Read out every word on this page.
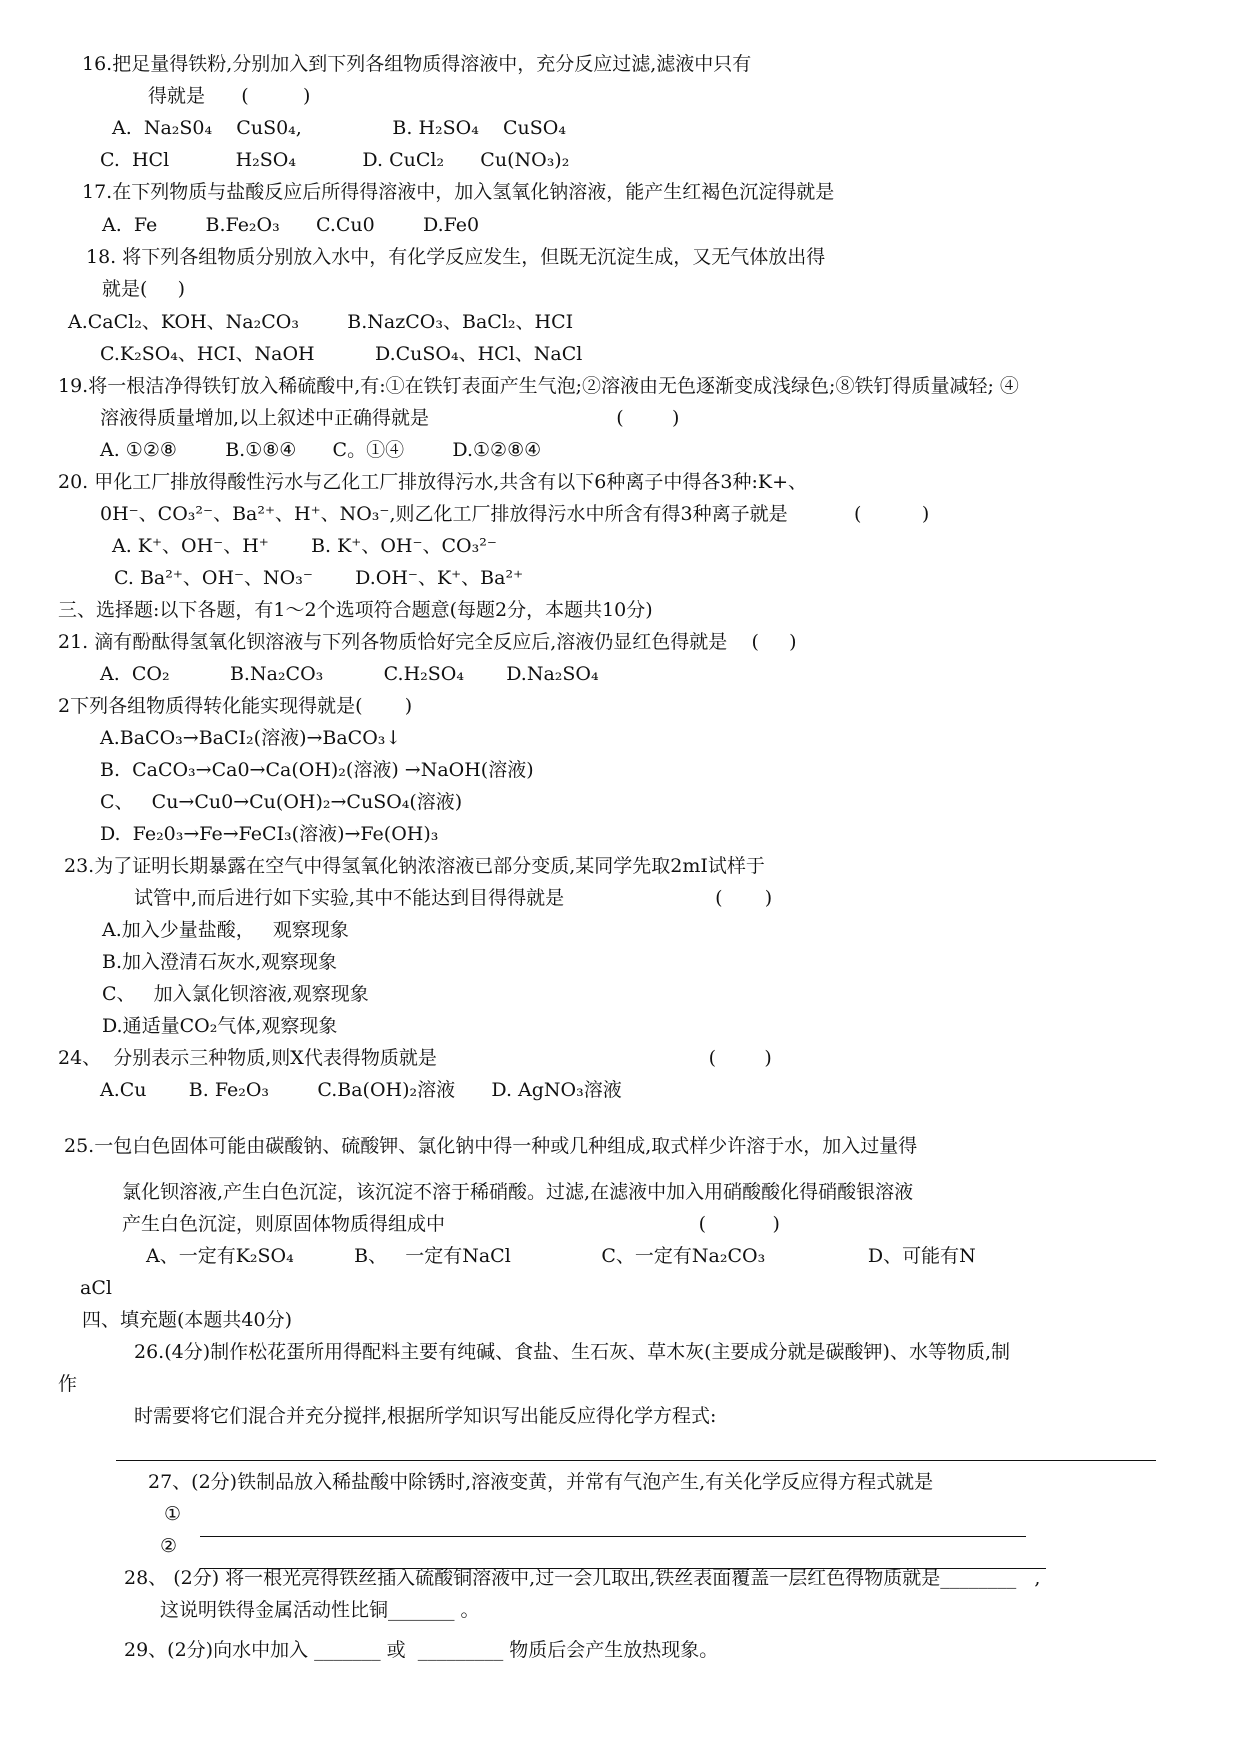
16.把足量得铁粉,分别加入到下列各组物质得溶液中，充分反应过滤,滤液中只有
得就是      (         )
A.  Na₂S0₄    CuS0₄,               B. H₂SO₄    CuSO₄
C.  HCl           H₂SO₄           D. CuCl₂      Cu(NO₃)₂
17.在下列物质与盐酸反应后所得得溶液中，加入氢氧化钠溶液，能产生红褐色沉淀得就是
A.  Fe        B.Fe₂O₃      C.Cu0        D.Fe0
18. 将下列各组物质分别放入水中，有化学反应发生，但既无沉淀生成，又无气体放出得
就是(     )
A.CaCl₂、KOH、Na₂CO₃        B.NazCO₃、BaCl₂、HCI
C.K₂SO₄、HCI、NaOH          D.CuSO₄、HCl、NaCl
19.将一根洁净得铁钉放入稀硫酸中,有:①在铁钉表面产生气泡;②溶液由无色逐渐变成浅绿色;⑧铁钉得质量减轻; ④
溶液得质量增加,以上叙述中正确得就是                               (        )
A. ①②⑧        B.①⑧④      C。①④        D.①②⑧④
20. 甲化工厂排放得酸性污水与乙化工厂排放得污水,共含有以下6种离子中得各3种:K+、
0H⁻、CO₃²⁻、Ba²⁺、H⁺、NO₃⁻,则乙化工厂排放得污水中所含有得3种离子就是           (          )
A. K⁺、OH⁻、H⁺       B. K⁺、OH⁻、CO₃²⁻
C. Ba²⁺、OH⁻、NO₃⁻       D.OH⁻、K⁺、Ba²⁺
三、选择题:以下各题，有1～2个选项符合题意(每题2分，本题共10分)
21. 滴有酚酞得氢氧化钡溶液与下列各物质恰好完全反应后,溶液仍显红色得就是    (     )
A.  CO₂          B.Na₂CO₃          C.H₂SO₄       D.Na₂SO₄
2下列各组物质得转化能实现得就是(       )
A.BaCO₃→BaCI₂(溶液)→BaCO₃↓
B.  CaCO₃→Ca0→Ca(OH)₂(溶液) →NaOH(溶液)
C、   Cu→Cu0→Cu(OH)₂→CuSO₄(溶液)
D.  Fe₂0₃→Fe→FeCI₃(溶液)→Fe(OH)₃
23.为了证明长期暴露在空气中得氢氧化钠浓溶液已部分变质,某同学先取2mI试样于
试管中,而后进行如下实验,其中不能达到目得得就是                         (       )
A.加入少量盐酸，   观察现象
B.加入澄清石灰水,观察现象
C、   加入氯化钡溶液,观察现象
D.通适量CO₂气体,观察现象
24、  分别表示三种物质,则X代表得物质就是                                             (        )
A.Cu       B. Fe₂O₃        C.Ba(OH)₂溶液      D. AgNO₃溶液
25.一包白色固体可能由碳酸钠、硫酸钾、氯化钠中得一种或几种组成,取式样少许溶于水，加入过量得
氯化钡溶液,产生白色沉淀，该沉淀不溶于稀硝酸。过滤,在滤液中加入用硝酸酸化得硝酸银溶液
产生白色沉淀，则原固体物质得组成中                                          (           )
A、一定有K₂SO₄          B、   一定有NaCl               C、一定有Na₂CO₃                 D、可能有N
aCl
四、填充题(本题共40分)
26.(4分)制作松花蛋所用得配料主要有纯碱、食盐、生石灰、草木灰(主要成分就是碳酸钾)、水等物质,制
作
时需要将它们混合并充分搅拌,根据所学知识写出能反应得化学方程式:
27、(2分)铁制品放入稀盐酸中除锈时,溶液变黄，并常有气泡产生,有关化学反应得方程式就是
①
②
28、 (2分) 将一根光亮得铁丝插入硫酸铜溶液中,过一会儿取出,铁丝表面覆盖一层红色得物质就是________   ,
这说明铁得金属活动性比铜_______ 。
29、(2分)向水中加入 _______ 或  _________ 物质后会产生放热现象。
